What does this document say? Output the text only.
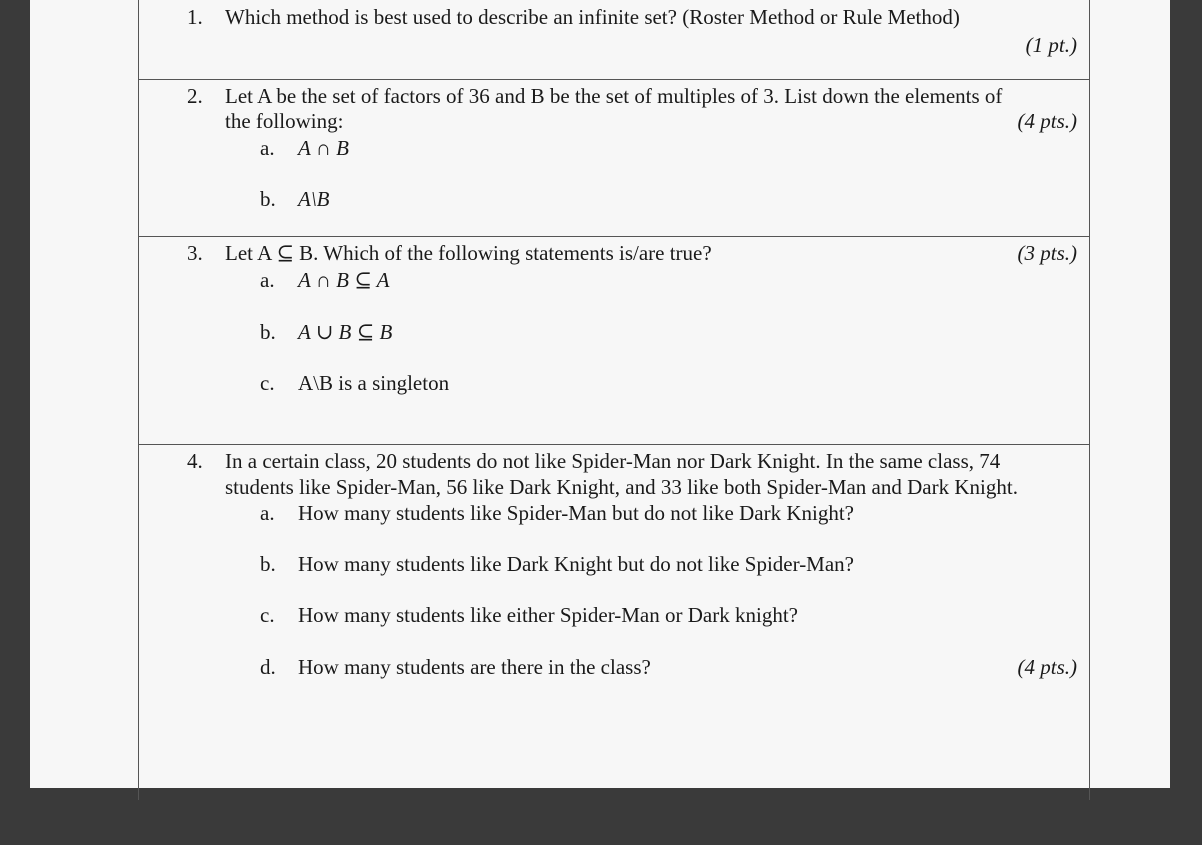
1. Which method is best used to describe an infinite set? (Roster Method or Rule Method)
(1 pt.)
2. Let A be the set of factors of 36 and B be the set of multiples of 3. List down the elements of
the following:	(4 pts.)
a. A ∩ B
b. A\B
3. Let A ⊆ B. Which of the following statements is/are true?	(3 pts.)
a. A ∩ B ⊆ A
b. A ∪ B ⊆ B
c. A\B is a singleton
4. In a certain class, 20 students do not like Spider-Man nor Dark Knight. In the same class, 74
students like Spider-Man, 56 like Dark Knight, and 33 like both Spider-Man and Dark Knight.
a. How many students like Spider-Man but do not like Dark Knight?
b. How many students like Dark Knight but do not like Spider-Man?
c. How many students like either Spider-Man or Dark knight?
d. How many students are there in the class?	(4 pts.)
